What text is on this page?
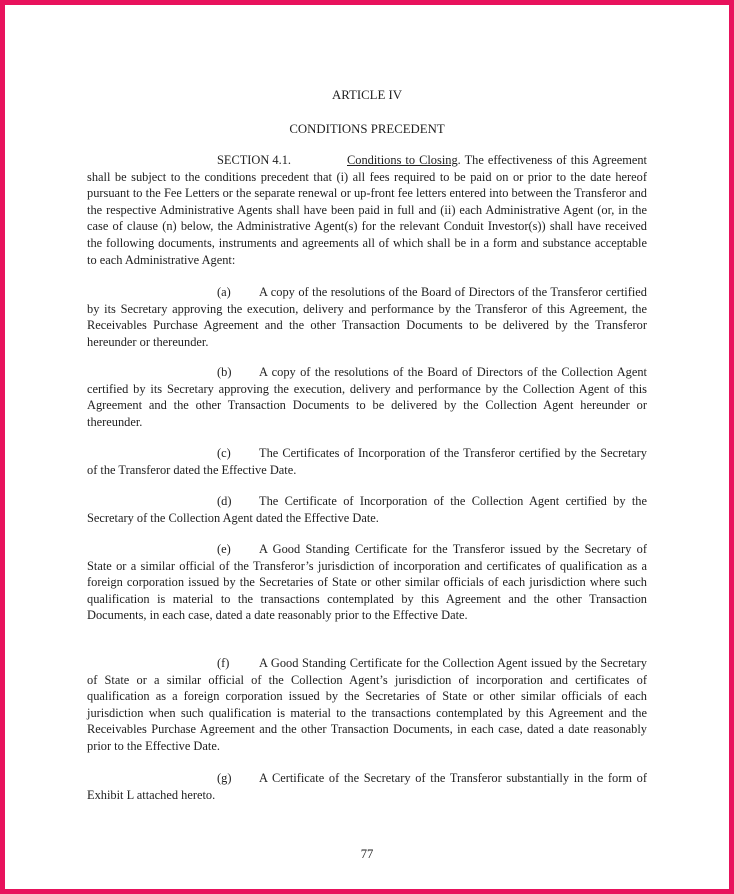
ARTICLE IV
CONDITIONS PRECEDENT
SECTION 4.1.	Conditions to Closing. The effectiveness of this Agreement shall be subject to the conditions precedent that (i) all fees required to be paid on or prior to the date hereof pursuant to the Fee Letters or the separate renewal or up-front fee letters entered into between the Transferor and the respective Administrative Agents shall have been paid in full and (ii) each Administrative Agent (or, in the case of clause (n) below, the Administrative Agent(s) for the relevant Conduit Investor(s)) shall have received the following documents, instruments and agreements all of which shall be in a form and substance acceptable to each Administrative Agent:
(a) A copy of the resolutions of the Board of Directors of the Transferor certified by its Secretary approving the execution, delivery and performance by the Transferor of this Agreement, the Receivables Purchase Agreement and the other Transaction Documents to be delivered by the Transferor hereunder or thereunder.
(b) A copy of the resolutions of the Board of Directors of the Collection Agent certified by its Secretary approving the execution, delivery and performance by the Collection Agent of this Agreement and the other Transaction Documents to be delivered by the Collection Agent hereunder or thereunder.
(c) The Certificates of Incorporation of the Transferor certified by the Secretary of the Transferor dated the Effective Date.
(d) The Certificate of Incorporation of the Collection Agent certified by the Secretary of the Collection Agent dated the Effective Date.
(e) A Good Standing Certificate for the Transferor issued by the Secretary of State or a similar official of the Transferor’s jurisdiction of incorporation and certificates of qualification as a foreign corporation issued by the Secretaries of State or other similar officials of each jurisdiction where such qualification is material to the transactions contemplated by this Agreement and the other Transaction Documents, in each case, dated a date reasonably prior to the Effective Date.
(f) A Good Standing Certificate for the Collection Agent issued by the Secretary of State or a similar official of the Collection Agent’s jurisdiction of incorporation and certificates of qualification as a foreign corporation issued by the Secretaries of State or other similar officials of each jurisdiction when such qualification is material to the transactions contemplated by this Agreement and the Receivables Purchase Agreement and the other Transaction Documents, in each case, dated a date reasonably prior to the Effective Date.
(g) A Certificate of the Secretary of the Transferor substantially in the form of Exhibit L attached hereto.
77
